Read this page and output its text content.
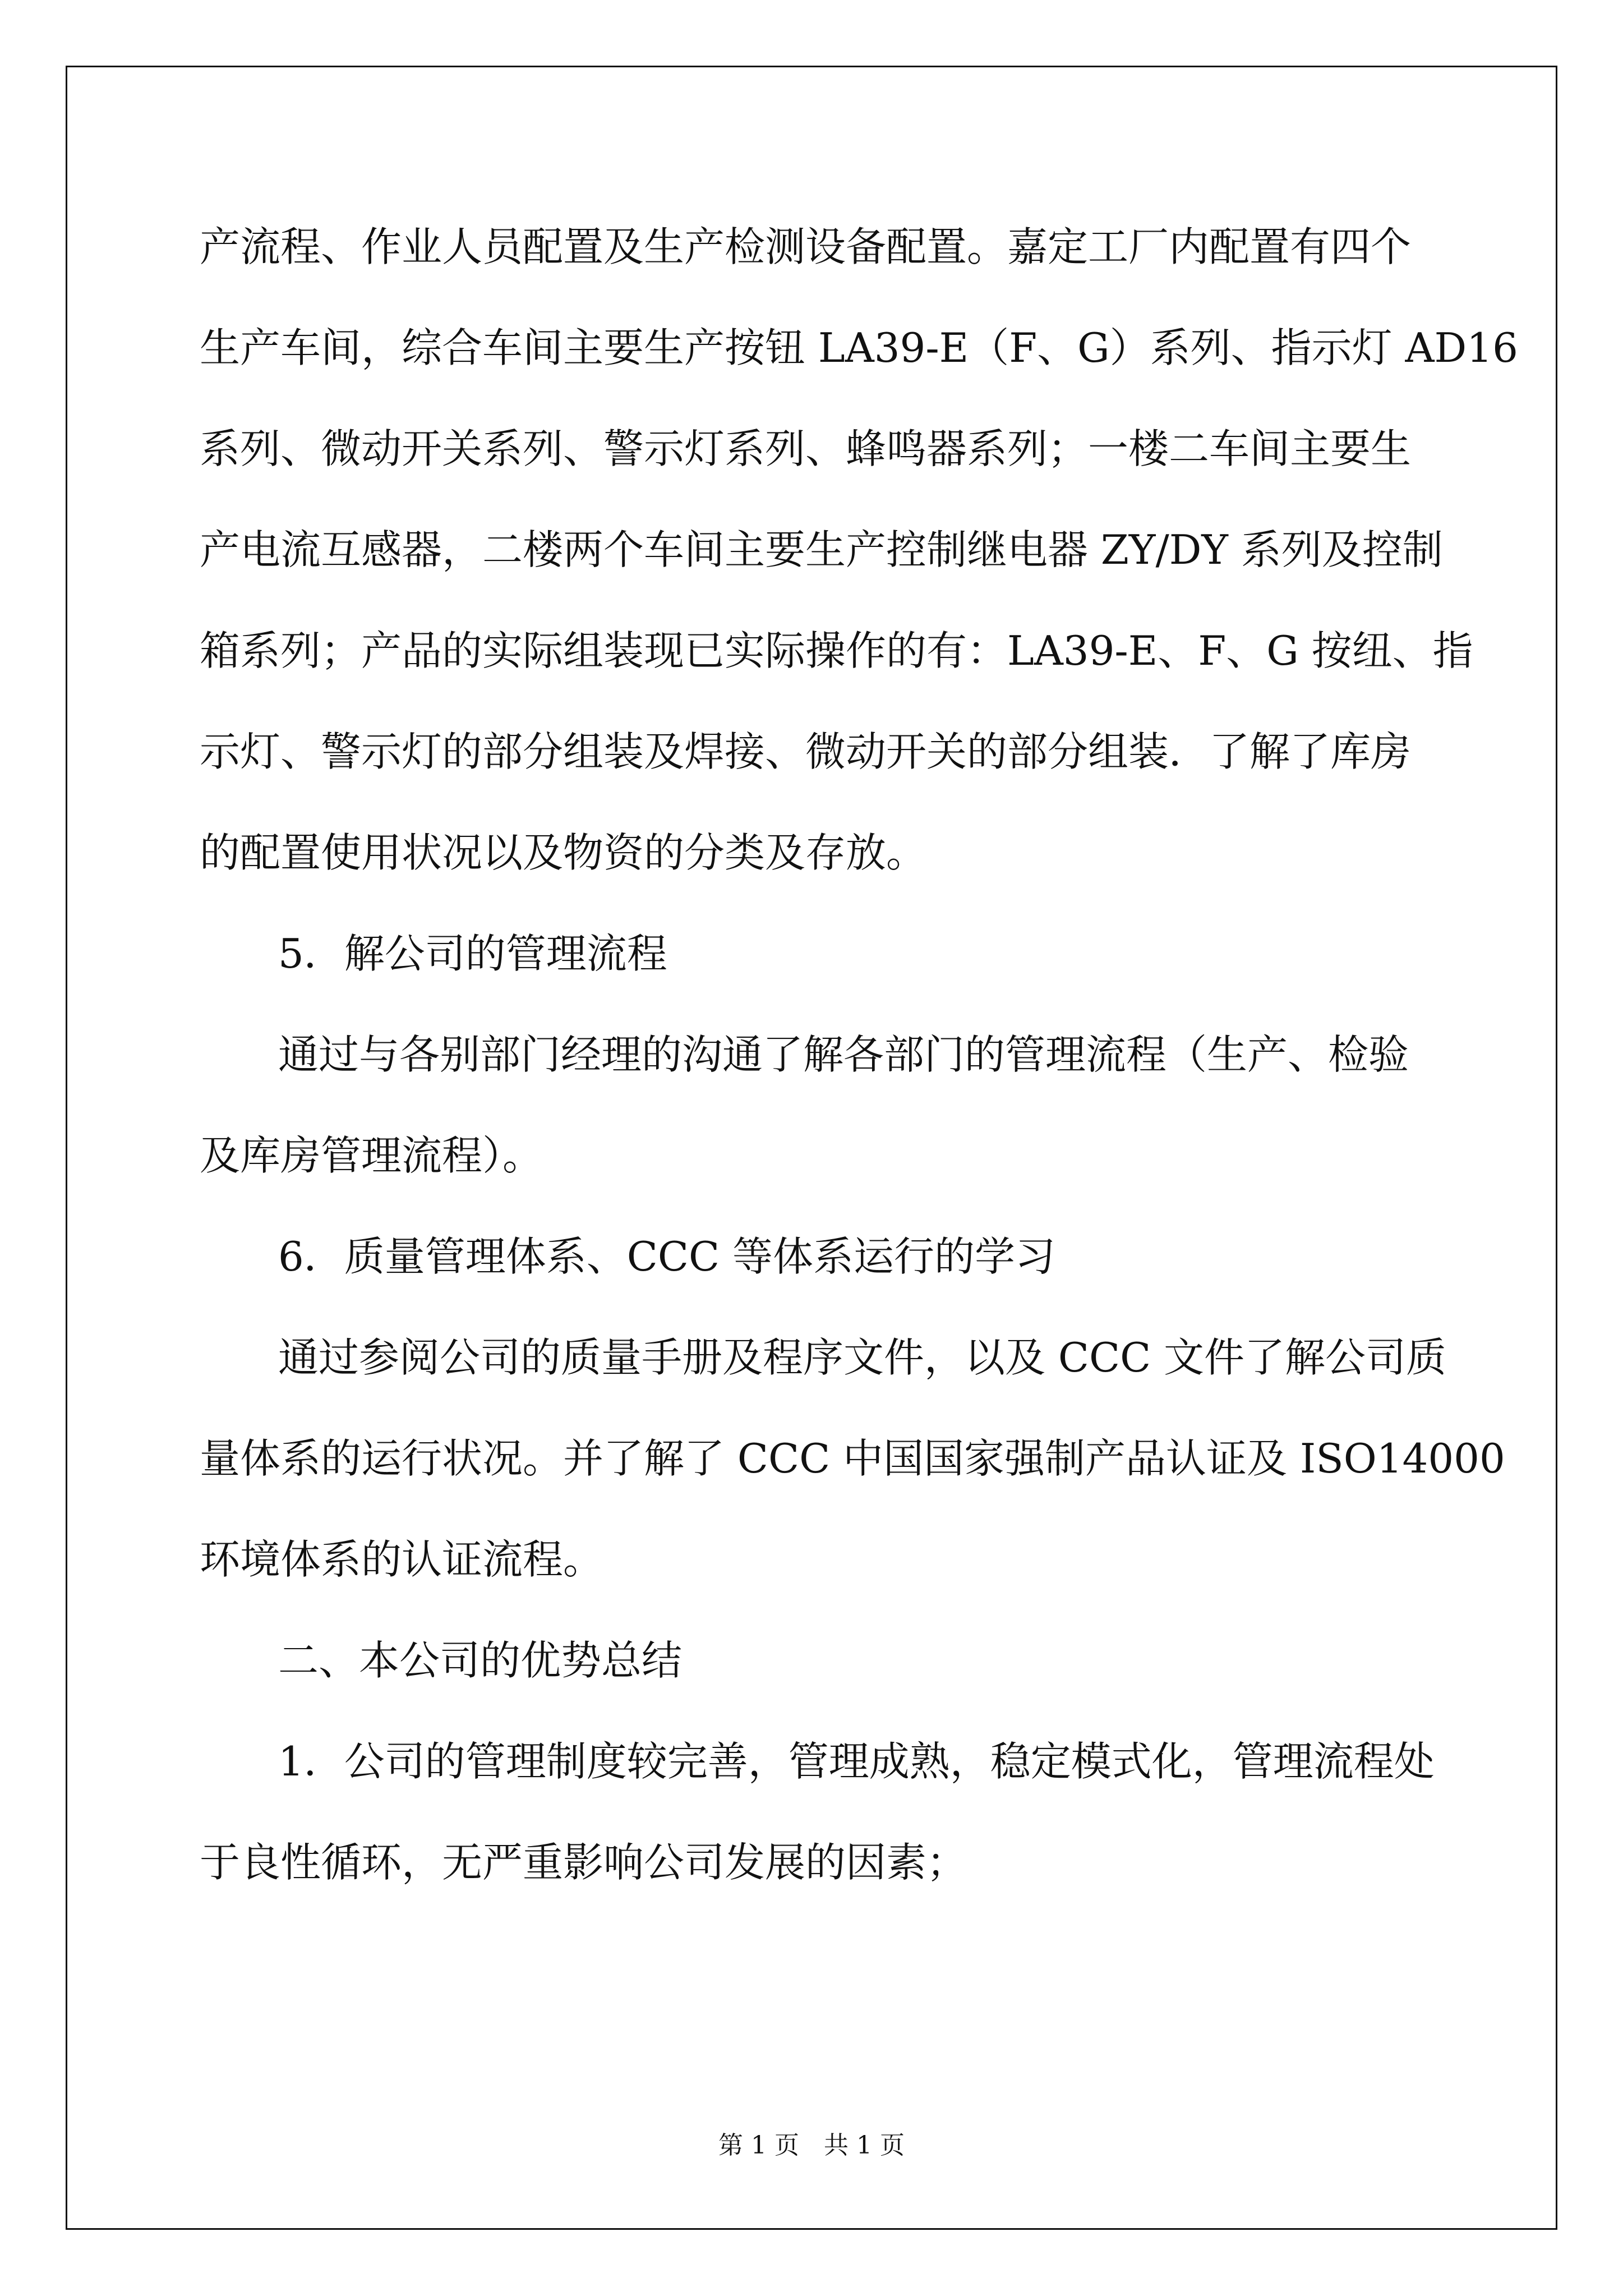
产流程、作业人员配置及生产检测设备配置。嘉定工厂内配置有四个
生产车间，综合车间主要生产按钮 LA39-E（F、G）系列、指示灯 AD16
系列、微动开关系列、警示灯系列、蜂鸣器系列；一楼二车间主要生
产电流互感器，二楼两个车间主要生产控制继电器 ZY/DY 系列及控制
箱系列；产品的实际组装现已实际操作的有：LA39-E、F、G 按纽、指
示灯、警示灯的部分组装及焊接、微动开关的部分组装．了解了库房
的配置使用状况以及物资的分类及存放。
5．解公司的管理流程
通过与各别部门经理的沟通了解各部门的管理流程（生产、检验
及库房管理流程）。
6．质量管理体系、CCC 等体系运行的学习
通过参阅公司的质量手册及程序文件，以及 CCC 文件了解公司质
量体系的运行状况。并了解了 CCC 中国国家强制产品认证及 ISO14000
环境体系的认证流程。
二、本公司的优势总结
1．公司的管理制度较完善，管理成熟，稳定模式化，管理流程处
于良性循环，无严重影响公司发展的因素；
第 1 页　共 1 页
